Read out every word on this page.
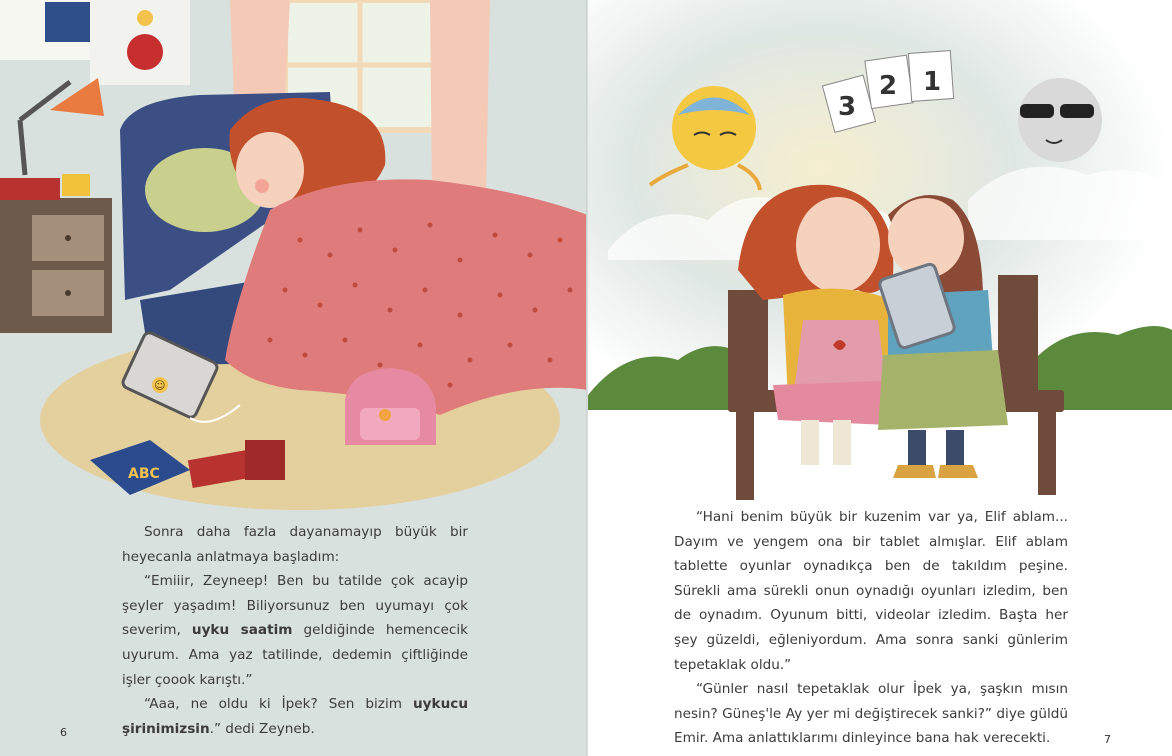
☺
ABC

Sonra daha fazla dayanamayıp büyük bir heyecanla anlatmaya başladım:

“Emiiir, Zeyneep! Ben bu tatilde çok acayip şeyler yaşadım! Biliyorsunuz ben uyumayı çok severim, uyku saatim geldiğinde hemencecik uyurum. Ama yaz tatilinde, dedemin çiftliğinde işler çoook karıştı.”

“Aaa, ne oldu ki İpek? Sen bizim uykucu şirinimizsin.” dedi Zeyneb.

6
3
2 1

“Hani benim büyük bir kuzenim var ya, Elif ablam... Dayım ve yengem ona bir tablet almışlar. Elif ablam tablette oyunlar oynadıkça ben de takıldım peşine. Sürekli ama sürekli onun oynadığı oyunları izledim, ben de oynadım. Oyunum bitti, videolar izledim. Başta her şey güzeldi, eğleniyordum. Ama sonra sanki günlerim tepetaklak oldu.”

“Günler nasıl tepetaklak olur İpek ya, şaşkın mısın nesin? Güneş'le Ay yer mi değiştirecek sanki?” diye güldü Emir. Ama anlattıklarımı dinleyince bana hak verecekti.	7
